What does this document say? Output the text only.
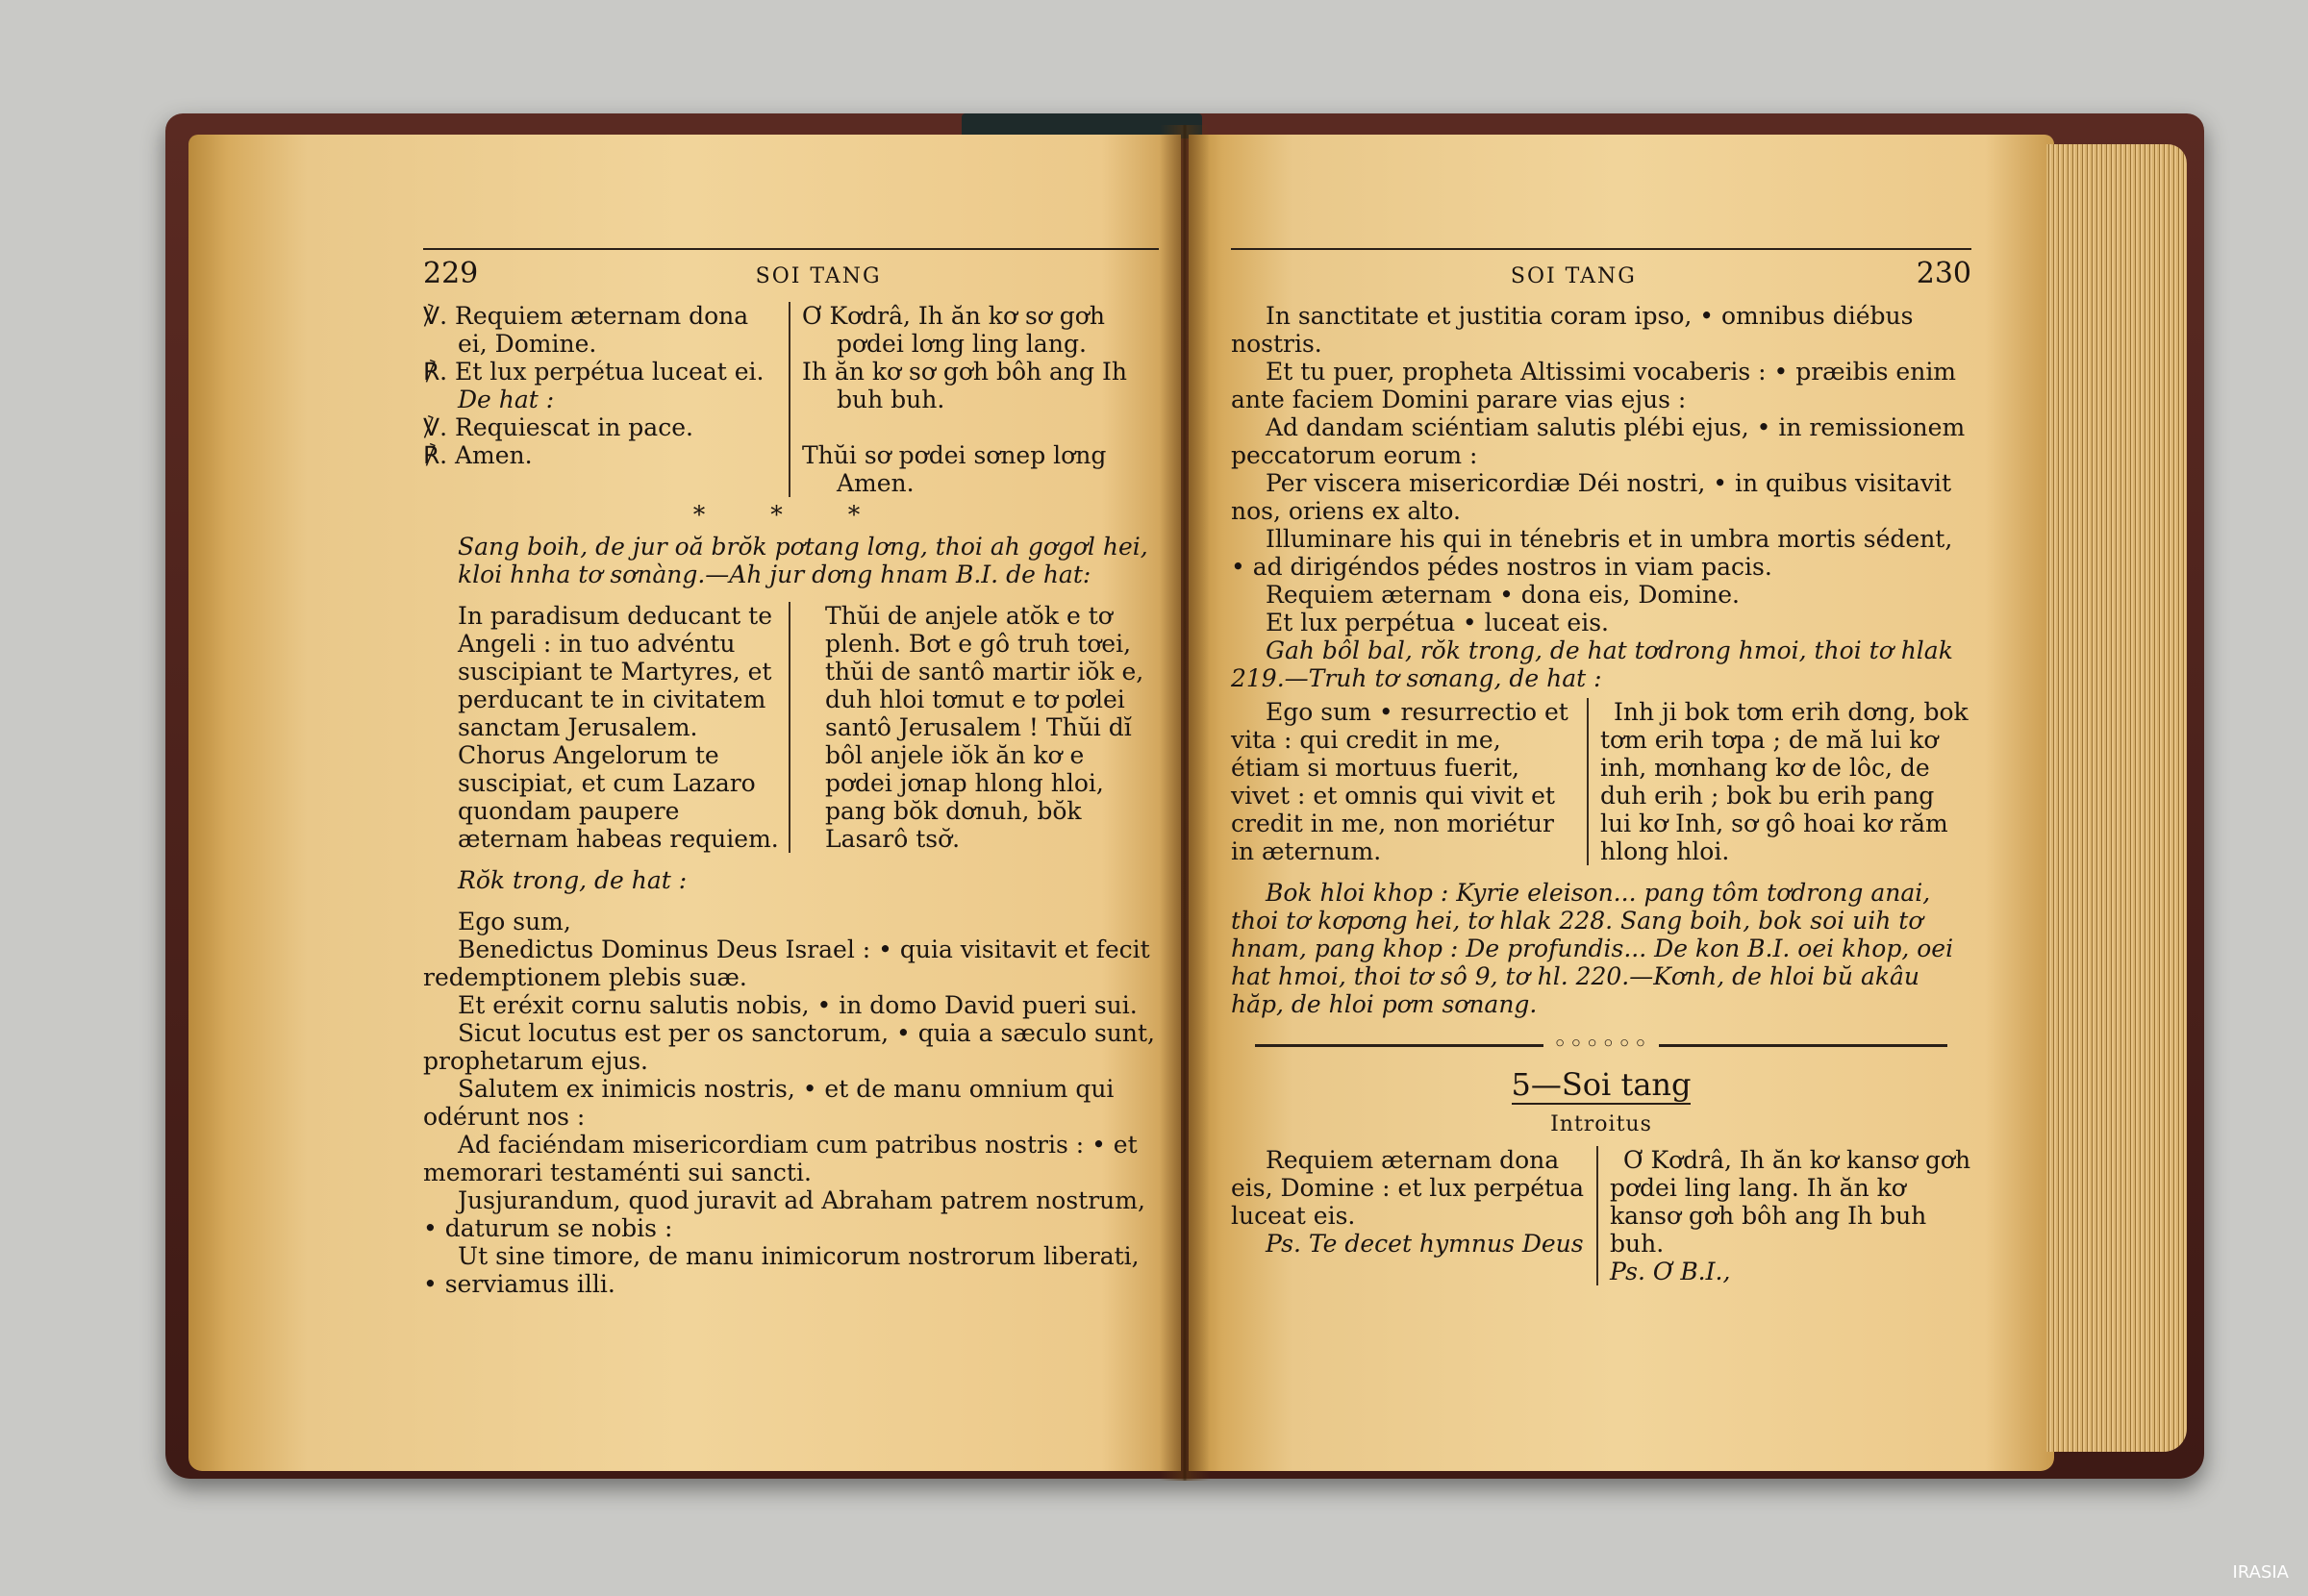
229	SOI TANG

℣. Requiem æternam dona ei, Domine.

℟. Et lux perpétua luceat ei.

De hat :

℣. Requiescat in pace.

℟. Amen.

Ơ Kơdrâ, Ih ăn kơ sơ gơh pơdei lơng ling lang.

Ih ăn kơ sơ gơh bôh ang Ih buh buh.

Thŭi sơ pơdei sơnep lơng Amen.

* * *

Sang boih, de jur oă brŏk pơtang lơng, thoi ah gơgơl hei, kloi hnha tơ sơnàng.—Ah jur dơng hnam B.I. de hat:

In paradisum deducant te Angeli : in tuo advéntu suscipiant te Martyres, et perducant te in civitatem sanctam Jerusalem. Chorus Angelorum te suscipiat, et cum Lazaro quondam paupere æternam habeas requiem.

Thŭi de anjele atŏk e tơ plenh. Bơt e gô truh tơei, thŭi de santô martir iŏk e, duh hloi tơmut e tơ pơlei santô Jerusalem ! Thŭi dĭ bôl anjele iŏk ăn kơ e pơdei jơnap hlong hloi, pang bŏk dơnuh, bŏk Lasarô tsơ̆.

Rŏk trong, de hat :

Ego sum,

Benedictus Dominus Deus Israel : • quia visitavit et fecit redemptionem plebis suæ.

Et eréxit cornu salutis nobis, • in domo David pueri sui.

Sicut locutus est per os sanctorum, • quia a sæculo sunt, prophetarum ejus.

Salutem ex inimicis nostris, • et de manu omnium qui odérunt nos :

Ad faciéndam misericordiam cum patribus nostris : • et memorari testaménti sui sancti.

Jusjurandum, quod juravit ad Abraham patrem nostrum, • daturum se nobis :

Ut sine timore, de manu inimicorum nostrorum liberati, • serviamus illi.

SOI TANG	230

In sanctitate et justitia coram ipso, • omnibus diébus nostris.

Et tu puer, propheta Altissimi vocaberis : • præibis enim ante faciem Domini parare vias ejus :

Ad dandam sciéntiam salutis plébi ejus, • in remissionem peccatorum eorum :

Per viscera misericordiæ Déi nostri, • in quibus visitavit nos, oriens ex alto.

Illuminare his qui in ténebris et in umbra mortis sédent, • ad dirigéndos pédes nostros in viam pacis.

Requiem æternam • dona eis, Domine.

Et lux perpétua • luceat eis.

Gah bôl bal, rŏk trong, de hat tơdrong hmoi, thoi tơ hlak 219.—Truh tơ sơnang, de hat :

Ego sum • resurrectio et vita : qui credit in me, étiam si mortuus fuerit, vivet : et omnis qui vivit et credit in me, non moriétur in æternum.

Inh ji bok tơm erih dơng, bok tơm erih tơpa ; de mă lui kơ inh, mơnhang kơ de lôc, de duh erih ; bok bu erih pang lui kơ Inh, sơ gô hoai kơ răm hlong hloi.

Bok hloi khop : Kyrie eleison... pang tôm tơdrong anai, thoi tơ kơpơng hei, tơ hlak 228. Sang boih, bok soi uih tơ hnam, pang khop : De profundis... De kon B.I. oei khop, oei hat hmoi, thoi tơ sô 9, tơ hl. 220.—Kơnh, de hloi bŭ akâu hăp, de hloi pơm sơnang.

◦◦◦◦◦◦
5—Soi tang
Introitus

Requiem æternam dona eis, Domine : et lux perpétua luceat eis.

Ps. Te decet hymnus Deus

Ơ Kơdrâ, Ih ăn kơ kansơ gơh pơdei ling lang. Ih ăn kơ kansơ gơh bôh ang Ih buh buh.

Ps. Ơ B.I.,

IRASIA
